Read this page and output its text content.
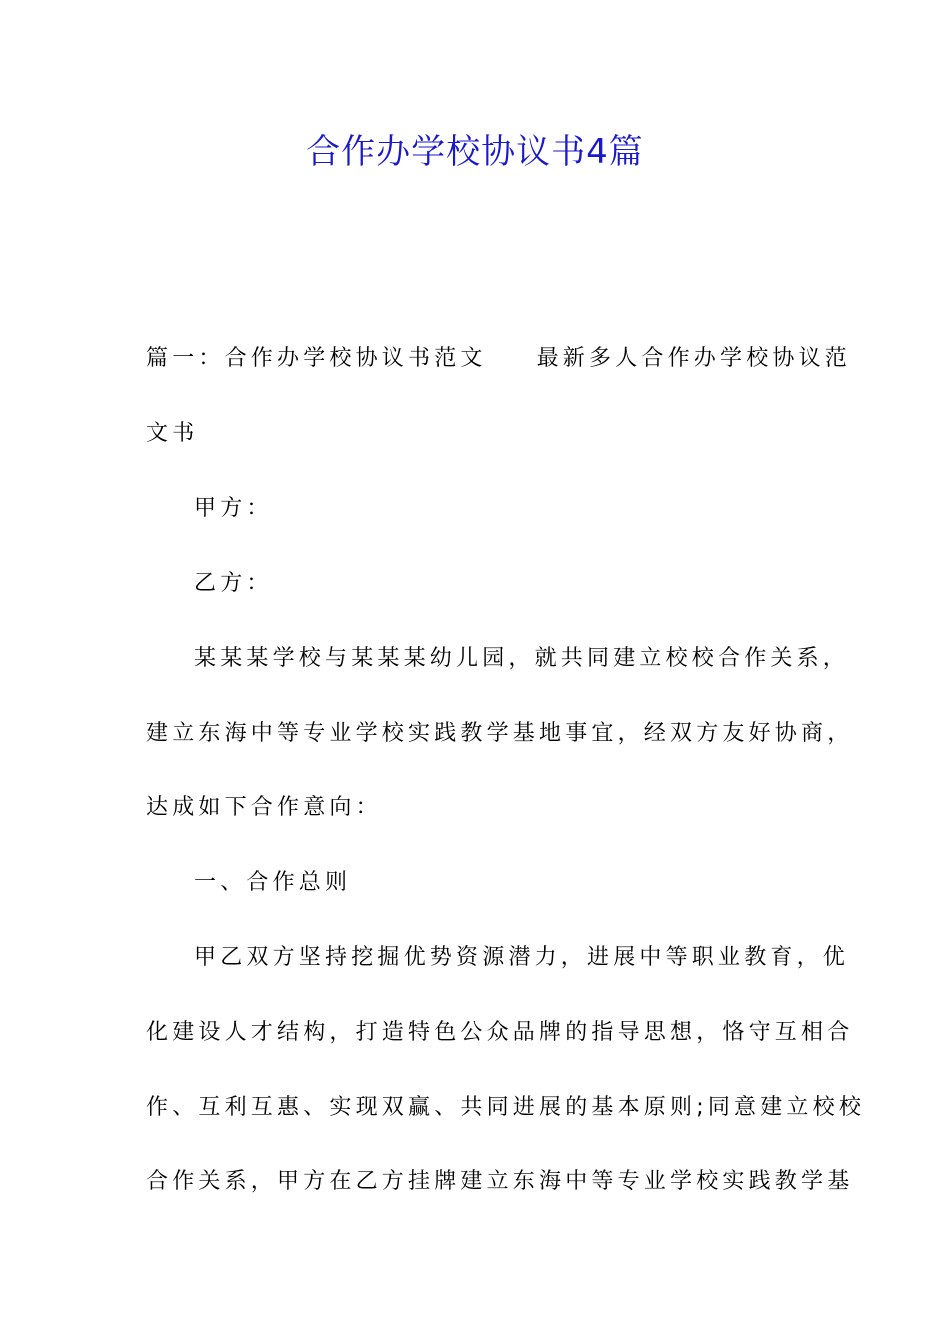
合作办学校协议书4篇
篇一：合作办学校协议书范文 最新多人合作办学校协议范
文书
甲方：
乙方：
某某某学校与某某某幼儿园，就共同建立校校合作关系，
建立东海中等专业学校实践教学基地事宜，经双方友好协商，
达成如下合作意向：
一、合作总则
甲乙双方坚持挖掘优势资源潜力，进展中等职业教育，优
化建设人才结构，打造特色公众品牌的指导思想，恪守互相合
作、互利互惠、实现双赢、共同进展的基本原则;同意建立校校
合作关系，甲方在乙方挂牌建立东海中等专业学校实践教学基
